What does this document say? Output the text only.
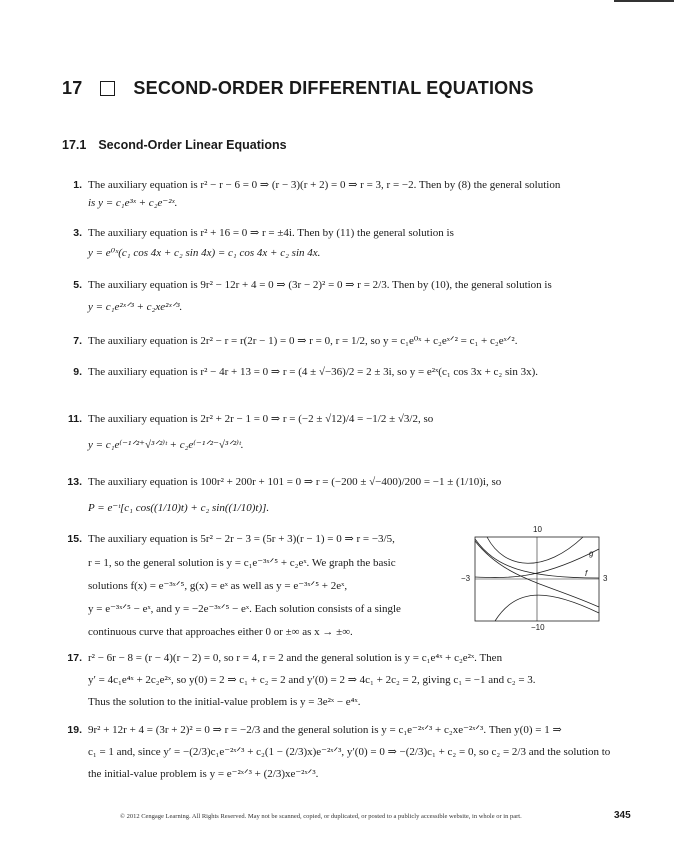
17	SECOND-ORDER DIFFERENTIAL EQUATIONS
17.1 Second-Order Linear Equations
1. The auxiliary equation is r² − r − 6 = 0 ⇒ (r − 3)(r + 2) = 0 ⇒ r = 3, r = −2. Then by (8) the general solution
is y = c₁e³ˣ + c₂e⁻²ˣ.
3. The auxiliary equation is r² + 16 = 0 ⇒ r = ±4i. Then by (11) the general solution is
y = e⁰ˣ(c₁ cos 4x + c₂ sin 4x) = c₁ cos 4x + c₂ sin 4x.
5. The auxiliary equation is 9r² − 12r + 4 = 0 ⇒ (3r − 2)² = 0 ⇒ r = 2/3. Then by (10), the general solution is
y = c₁e²ˣᐟ³ + c₂xe²ˣᐟ³.
7. The auxiliary equation is 2r² − r = r(2r − 1) = 0 ⇒ r = 0, r = 1/2, so y = c₁e⁰ˣ + c₂eˣᐟ² = c₁ + c₂eˣᐟ².
9. The auxiliary equation is r² − 4r + 13 = 0 ⇒ r = (4 ± √−36)/2 = 2 ± 3i, so y = e²ˣ(c₁ cos 3x + c₂ sin 3x).
11. The auxiliary equation is 2r² + 2r − 1 = 0 ⇒ r = (−2 ± √12)/4 = −1/2 ± √3/2, so
y = c₁e⁽⁻¹ᐟ²⁺√³ᐟ²⁾ᵗ + c₂e⁽⁻¹ᐟ²⁻√³ᐟ²⁾ᵗ.
13. The auxiliary equation is 100r² + 200r + 101 = 0 ⇒ r = (−200 ± √−400)/200 = −1 ± (1/10)i, so
P = e⁻ᵗ[c₁ cos((1/10)t) + c₂ sin((1/10)t)].
15. The auxiliary equation is 5r² − 2r − 3 = (5r + 3)(r − 1) = 0 ⇒ r = −3/5,
r = 1, so the general solution is y = c₁e⁻³ˣᐟ⁵ + c₂eˣ. We graph the basic
solutions f(x) = e⁻³ˣᐟ⁵, g(x) = eˣ as well as y = e⁻³ˣᐟ⁵ + 2eˣ,
y = e⁻³ˣᐟ⁵ − eˣ, and y = −2e⁻³ˣᐟ⁵ − eˣ. Each solution consists of a single
continuous curve that approaches either 0 or ±∞ as x → ±∞.
10
−10
−3	3
g
f
17. r² − 6r − 8 = (r − 4)(r − 2) = 0, so r = 4, r = 2 and the general solution is y = c₁e⁴ˣ + c₂e²ˣ. Then
y′ = 4c₁e⁴ˣ + 2c₂e²ˣ, so y(0) = 2 ⇒ c₁ + c₂ = 2 and y′(0) = 2 ⇒ 4c₁ + 2c₂ = 2, giving c₁ = −1 and c₂ = 3.
Thus the solution to the initial-value problem is y = 3e²ˣ − e⁴ˣ.
19. 9r² + 12r + 4 = (3r + 2)² = 0 ⇒ r = −2/3 and the general solution is y = c₁e⁻²ˣᐟ³ + c₂xe⁻²ˣᐟ³. Then y(0) = 1 ⇒
c₁ = 1 and, since y′ = −(2/3)c₁e⁻²ˣᐟ³ + c₂(1 − (2/3)x)e⁻²ˣᐟ³, y′(0) = 0 ⇒ −(2/3)c₁ + c₂ = 0, so c₂ = 2/3 and the solution to
the initial-value problem is y = e⁻²ˣᐟ³ + (2/3)xe⁻²ˣᐟ³.
© 2012 Cengage Learning. All Rights Reserved. May not be scanned, copied, or duplicated, or posted to a publicly accessible website, in whole or in part.	345
